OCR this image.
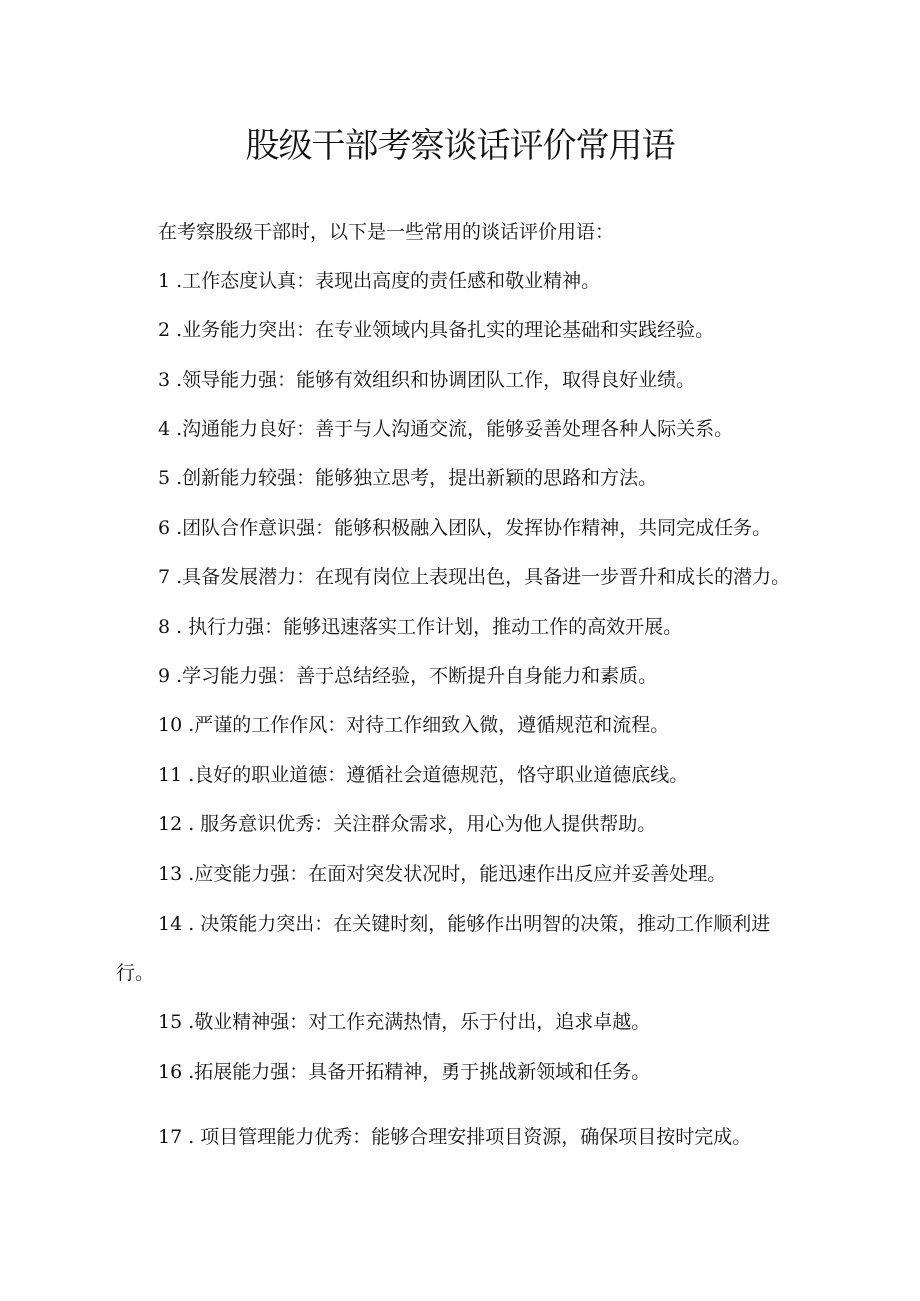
股级干部考察谈话评价常用语

在考察股级干部时，以下是一些常用的谈话评价用语：

1 .工作态度认真：表现出高度的责任感和敬业精神。

2 .业务能力突出：在专业领域内具备扎实的理论基础和实践经验。

3 .领导能力强：能够有效组织和协调团队工作，取得良好业绩。

4 .沟通能力良好：善于与人沟通交流，能够妥善处理各种人际关系。

5 .创新能力较强：能够独立思考，提出新颖的思路和方法。

6 .团队合作意识强：能够积极融入团队，发挥协作精神，共同完成任务。

7 .具备发展潜力：在现有岗位上表现出色，具备进一步晋升和成长的潜力。

8 . 执行力强：能够迅速落实工作计划，推动工作的高效开展。

9 .学习能力强：善于总结经验，不断提升自身能力和素质。

10 .严谨的工作作风：对待工作细致入微，遵循规范和流程。

11 .良好的职业道德：遵循社会道德规范，恪守职业道德底线。

12 . 服务意识优秀：关注群众需求，用心为他人提供帮助。

13 .应变能力强：在面对突发状况时，能迅速作出反应并妥善处理。

14 . 决策能力突出：在关键时刻，能够作出明智的决策，推动工作顺利进

行。

15 .敬业精神强：对工作充满热情，乐于付出，追求卓越。

16 .拓展能力强：具备开拓精神，勇于挑战新领域和任务。

17 . 项目管理能力优秀：能够合理安排项目资源，确保项目按时完成。
